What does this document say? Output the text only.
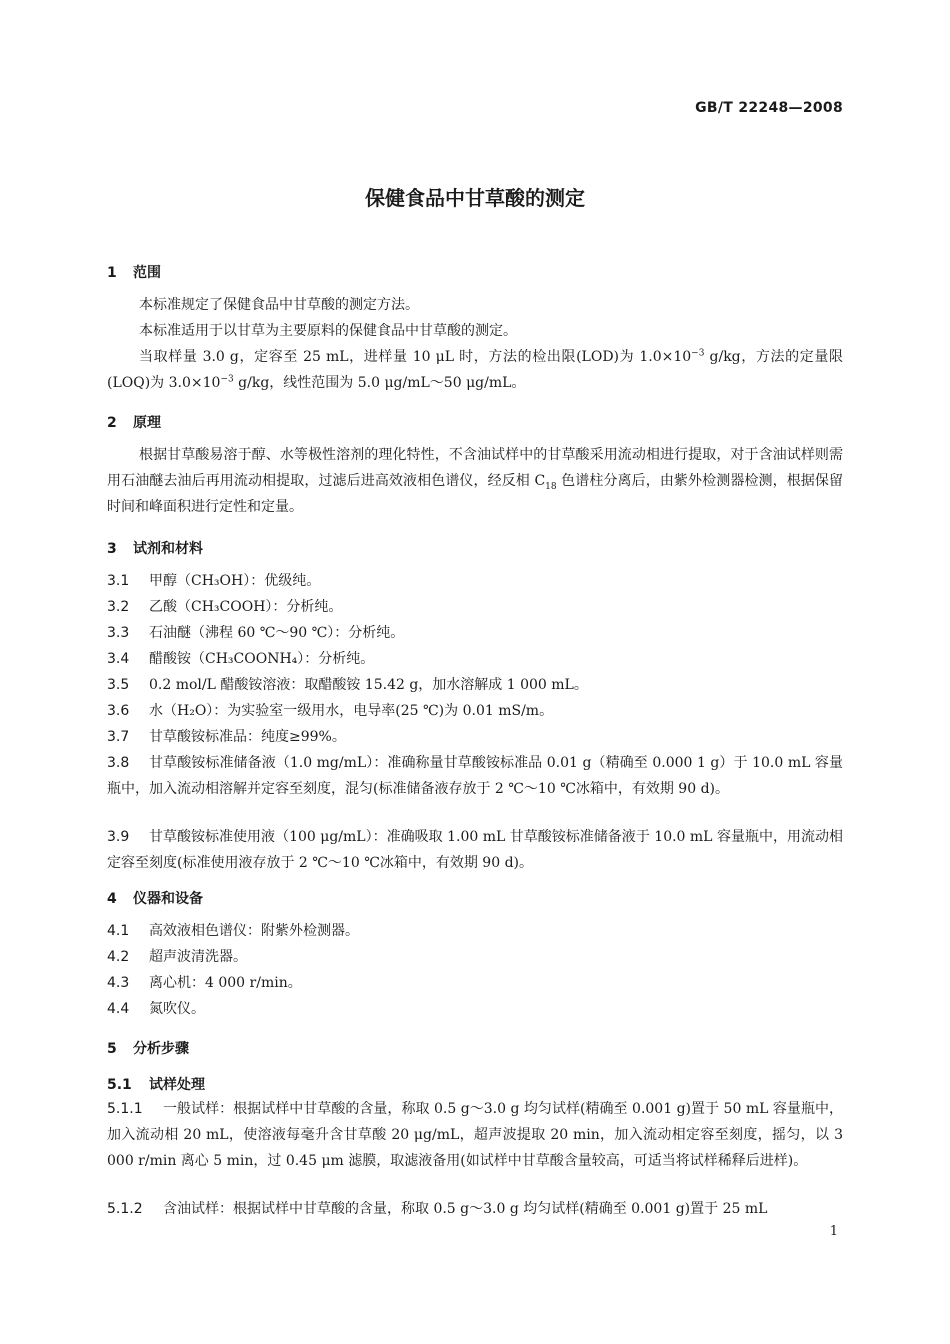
GB/T 22248—2008
保健食品中甘草酸的测定
1 范围
本标准规定了保健食品中甘草酸的测定方法。
本标准适用于以甘草为主要原料的保健食品中甘草酸的测定。
当取样量 3.0 g，定容至 25 mL，进样量 10 μL 时，方法的检出限(LOD)为 $1.0\times 10^{-3}$ g/kg，方法的定量限(LOQ)为 $3.0\times 10^{-3}$ g/kg，线性范围为 5.0 μg/mL～50 μg/mL。
2 原理
根据甘草酸易溶于醇、水等极性溶剂的理化特性，不含油试样中的甘草酸采用流动相进行提取，对于含油试样则需用石油醚去油后再用流动相提取，过滤后进高效液相色谱仪，经反相 $C_{18}$ 色谱柱分离后，由紫外检测器检测，根据保留时间和峰面积进行定性和定量。
3 试剂和材料
3.1 甲醇（CH₃OH）：优级纯。
3.2 乙酸（CH₃COOH）：分析纯。
3.3 石油醚（沸程 60 ℃～90 ℃）：分析纯。
3.4 醋酸铵（CH₃COONH₄）：分析纯。
3.5 0.2 mol/L 醋酸铵溶液：取醋酸铵 15.42 g，加水溶解成 1 000 mL。
3.6 水（H₂O）：为实验室一级用水，电导率(25 ℃)为 0.01 mS/m。
3.7 甘草酸铵标准品：纯度≥99%。
3.8 甘草酸铵标准储备液（1.0 mg/mL）：准确称量甘草酸铵标准品 0.01 g（精确至 0.000 1 g）于 10.0 mL 容量瓶中，加入流动相溶解并定容至刻度，混匀(标准储备液存放于 2 ℃～10 ℃冰箱中，有效期 90 d)。
3.9 甘草酸铵标准使用液（100 μg/mL）：准确吸取 1.00 mL 甘草酸铵标准储备液于 10.0 mL 容量瓶中，用流动相定容至刻度(标准使用液存放于 2 ℃～10 ℃冰箱中，有效期 90 d)。
4 仪器和设备
4.1 高效液相色谱仪：附紫外检测器。
4.2 超声波清洗器。
4.3 离心机：4 000 r/min。
4.4 氮吹仪。
5 分析步骤
5.1 试样处理
5.1.1 一般试样：根据试样中甘草酸的含量，称取 0.5 g～3.0 g 均匀试样(精确至 0.001 g)置于 50 mL 容量瓶中，加入流动相 20 mL，使溶液每毫升含甘草酸 20 μg/mL，超声波提取 20 min，加入流动相定容至刻度，摇匀，以 3 000 r/min 离心 5 min，过 0.45 μm 滤膜，取滤液备用(如试样中甘草酸含量较高，可适当将试样稀释后进样)。
5.1.2 含油试样：根据试样中甘草酸的含量，称取 0.5 g～3.0 g 均匀试样(精确至 0.001 g)置于 25 mL
1
